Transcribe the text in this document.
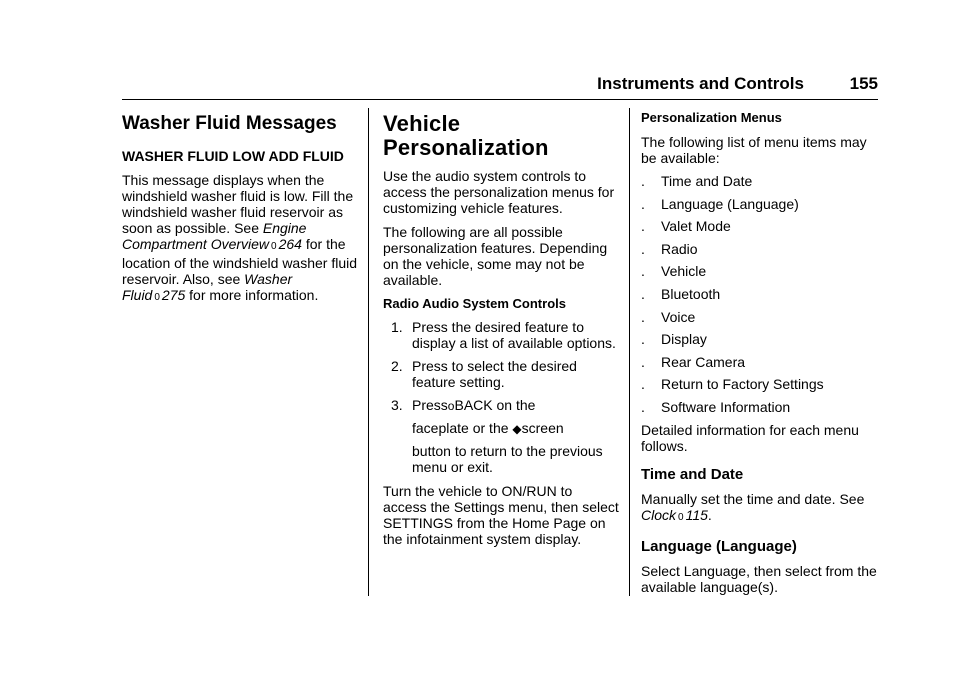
Instruments and Controls	155
Washer Fluid Messages
WASHER FLUID LOW ADD FLUID

This message displays when the windshield washer fluid is low. Fill the windshield washer fluid reservoir as soon as possible. See Engine Compartment Overview 0 264 for the location of the windshield washer fluid reservoir. Also, see Washer Fluid 0 275 for more information.

Vehicle Personalization

Use the audio system controls to access the personalization menus for customizing vehicle features.

The following are all possible personalization features. Depending on the vehicle, some may not be available.

Radio Audio System Controls
1. Press the desired feature to display a list of available options.
2. Press to select the desired feature setting.
3. PressoBACK on the
faceplate or the ◆screen
button to return to the previous menu or exit.

Turn the vehicle to ON/RUN to access the Settings menu, then select SETTINGS from the Home Page on the infotainment system display.

Personalization Menus

The following list of menu items may be available:

.	Time and Date
.	Language (Language)
.	Valet Mode
.	Radio
.	Vehicle
.	Bluetooth
.	Voice
.	Display
.	Rear Camera
.	Return to Factory Settings
.	Software Information

Detailed information for each menu follows.

Time and Date

Manually set the time and date. See Clock 0 115.

Language (Language)

Select Language, then select from the available language(s).
